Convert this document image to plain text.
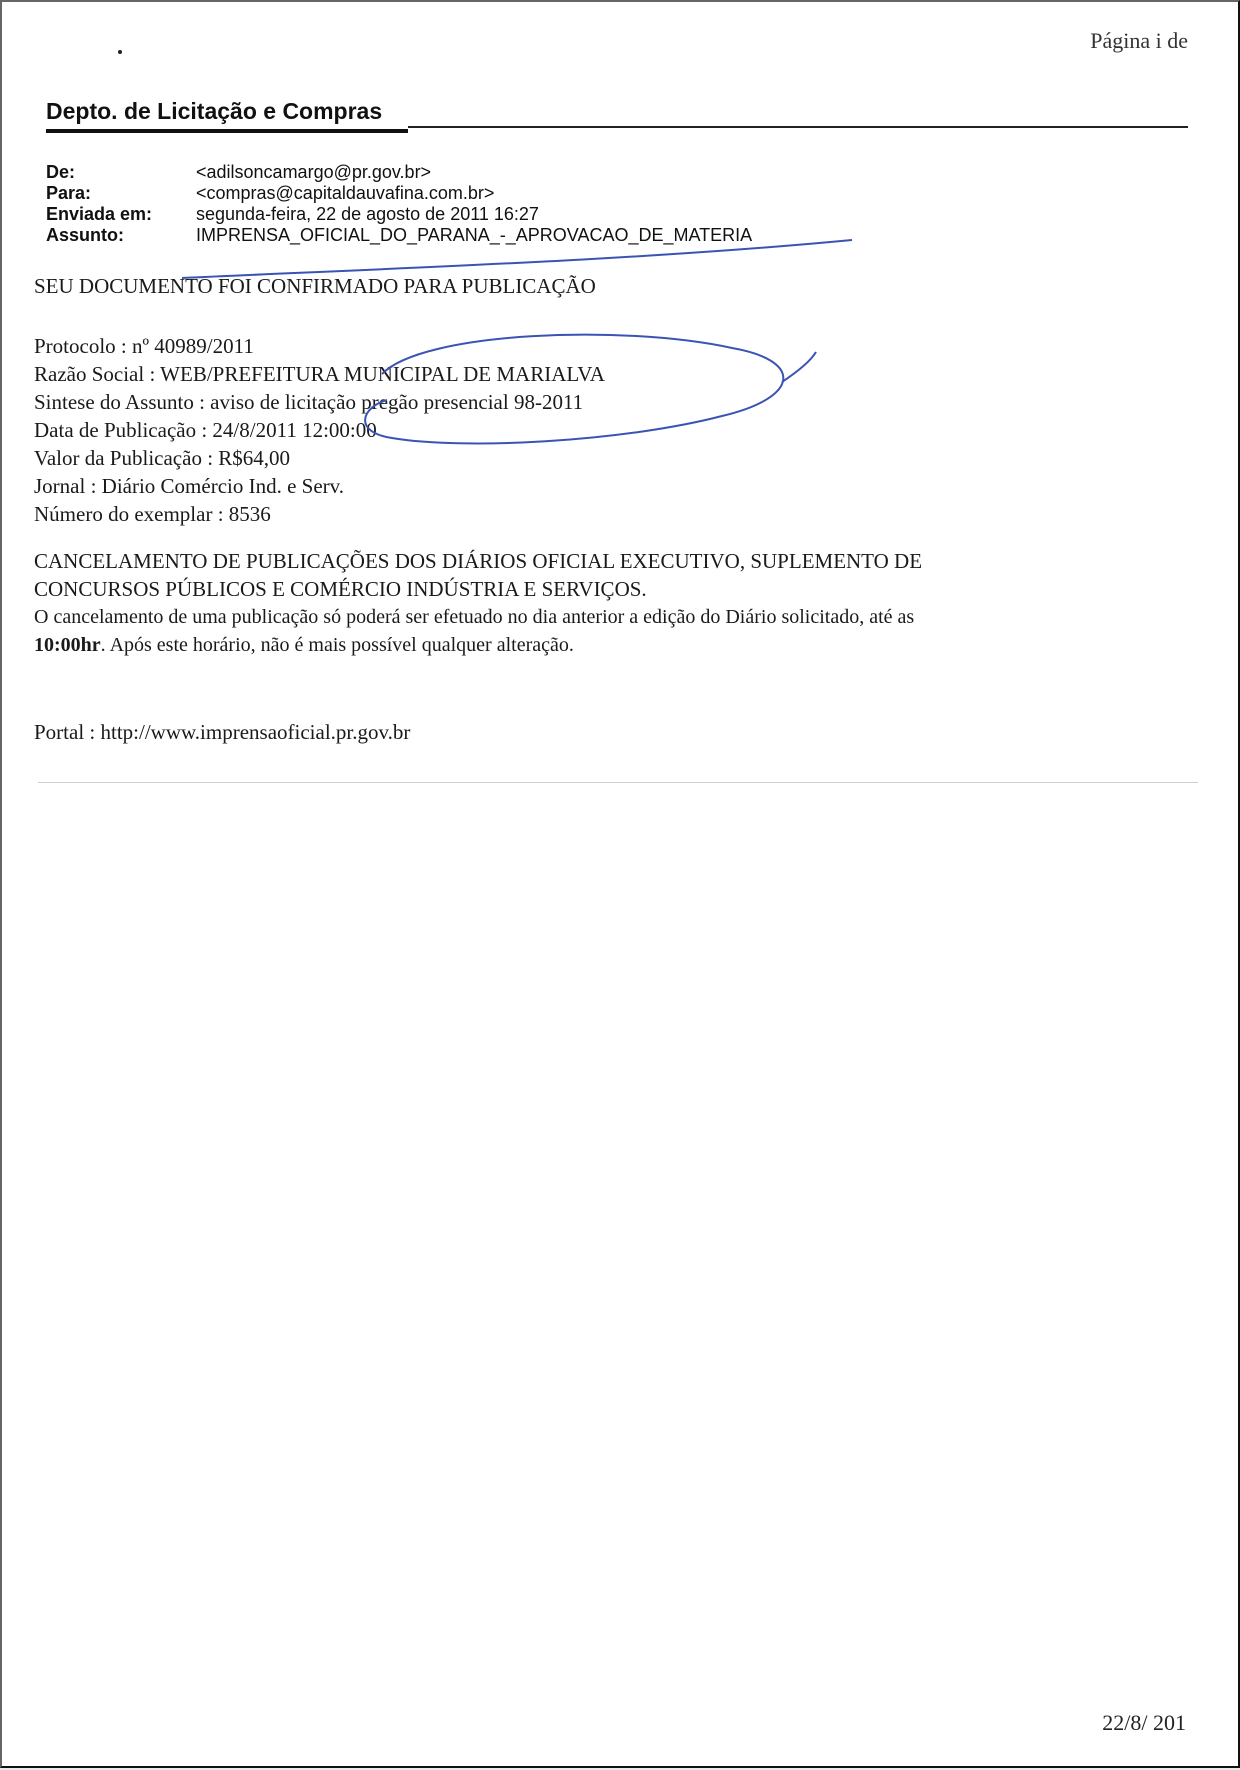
Página i de
Depto. de Licitação e Compras
De:	<adilsoncamargo@pr.gov.br>
Para:	<compras@capitaldauvafina.com.br>
Enviada em:	segunda-feira, 22 de agosto de 2011 16:27
Assunto:	IMPRENSA_OFICIAL_DO_PARANA_-_APROVACAO_DE_MATERIA
SEU DOCUMENTO FOI CONFIRMADO PARA PUBLICAÇÃO
Protocolo : nº 40989/2011
Razão Social : WEB/PREFEITURA MUNICIPAL DE MARIALVA
Sintese do Assunto : aviso de licitação pregão presencial 98-2011
Data de Publicação : 24/8/2011 12:00:00
Valor da Publicação : R$64,00
Jornal : Diário Comércio Ind. e Serv.
Número do exemplar : 8536
CANCELAMENTO DE PUBLICAÇÕES DOS DIÁRIOS OFICIAL EXECUTIVO, SUPLEMENTO DE
CONCURSOS PÚBLICOS E COMÉRCIO INDÚSTRIA E SERVIÇOS.
O cancelamento de uma publicação só poderá ser efetuado no dia anterior a edição do Diário solicitado, até as
10:00hr. Após este horário, não é mais possível qualquer alteração.
Portal : http://www.imprensaoficial.pr.gov.br
22/8/ 201
